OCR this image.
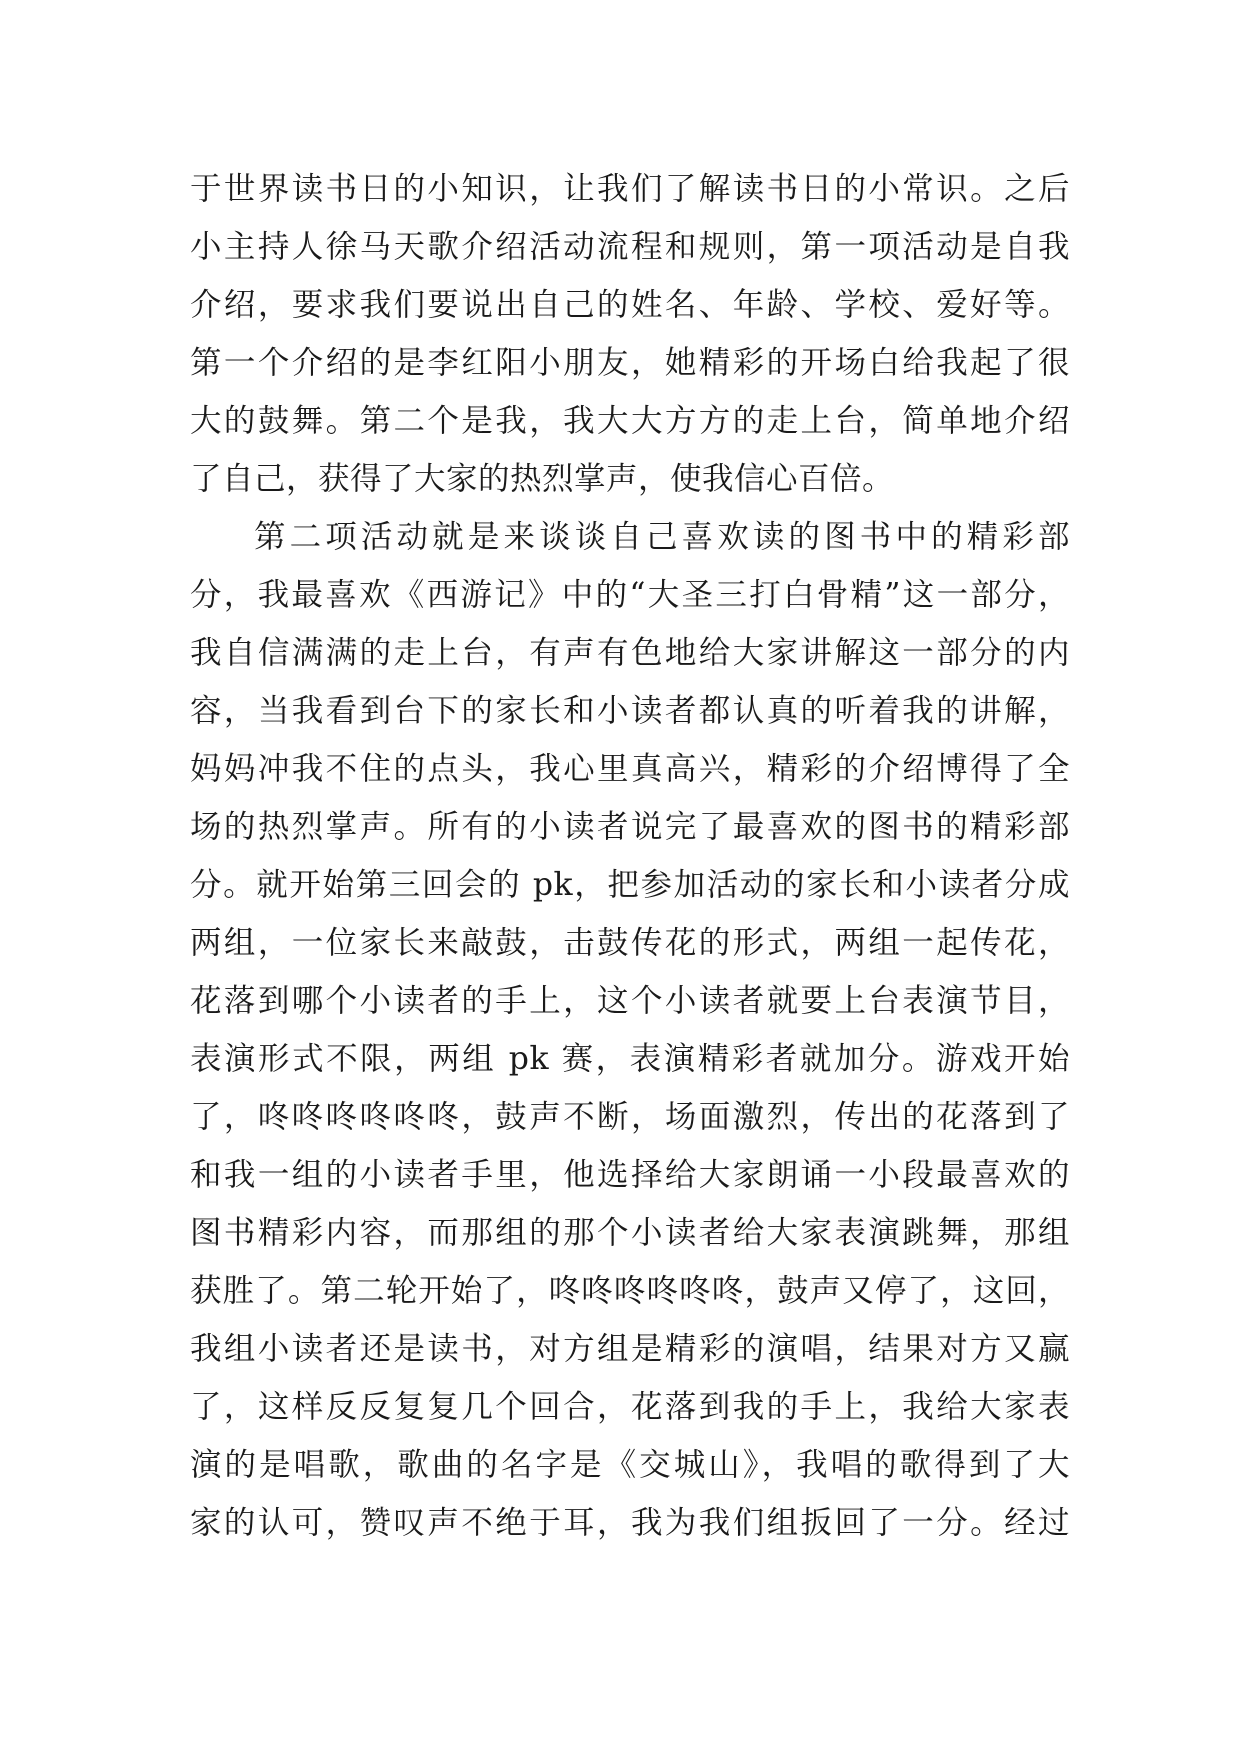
于世界读书日的小知识，让我们了解读书日的小常识。之后
小主持人徐马天歌介绍活动流程和规则，第一项活动是自我
介绍，要求我们要说出自己的姓名、年龄、学校、爱好等。
第一个介绍的是李红阳小朋友，她精彩的开场白给我起了很
大的鼓舞。第二个是我，我大大方方的走上台，简单地介绍
了自己，获得了大家的热烈掌声，使我信心百倍。
第二项活动就是来谈谈自己喜欢读的图书中的精彩部
分，我最喜欢《西游记》中的“大圣三打白骨精”这一部分，
我自信满满的走上台，有声有色地给大家讲解这一部分的内
容，当我看到台下的家长和小读者都认真的听着我的讲解，
妈妈冲我不住的点头，我心里真高兴，精彩的介绍博得了全
场的热烈掌声。所有的小读者说完了最喜欢的图书的精彩部
分。就开始第三回会的 pk，把参加活动的家长和小读者分成
两组，一位家长来敲鼓，击鼓传花的形式，两组一起传花，
花落到哪个小读者的手上，这个小读者就要上台表演节目，
表演形式不限，两组 pk 赛，表演精彩者就加分。游戏开始
了，咚咚咚咚咚咚，鼓声不断，场面激烈，传出的花落到了
和我一组的小读者手里，他选择给大家朗诵一小段最喜欢的
图书精彩内容，而那组的那个小读者给大家表演跳舞，那组
获胜了。第二轮开始了，咚咚咚咚咚咚，鼓声又停了，这回，
我组小读者还是读书，对方组是精彩的演唱，结果对方又赢
了，这样反反复复几个回合，花落到我的手上，我给大家表
演的是唱歌，歌曲的名字是《交城山》，我唱的歌得到了大
家的认可，赞叹声不绝于耳，我为我们组扳回了一分。经过
